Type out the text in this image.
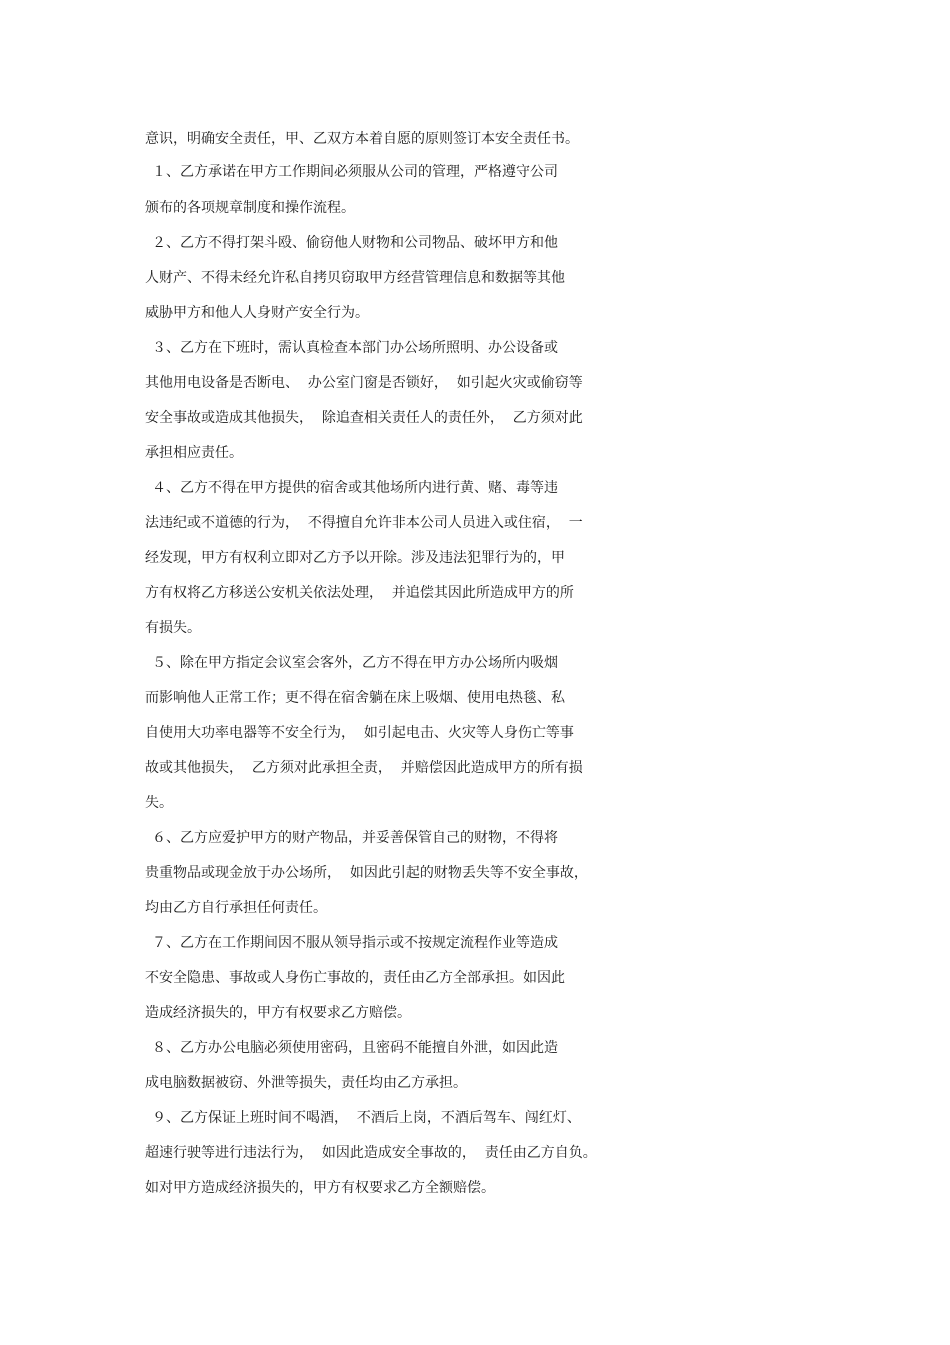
意识，明确安全责任，甲、乙双方本着自愿的原则签订本安全责任书。
１、乙方承诺在甲方工作期间必须服从公司的管理，严格遵守公司
颁布的各项规章制度和操作流程。
２、乙方不得打架斗殴、偷窃他人财物和公司物品、破坏甲方和他
人财产、不得未经允许私自拷贝窃取甲方经营管理信息和数据等其他
威胁甲方和他人人身财产安全行为。
３、乙方在下班时，需认真检查本部门办公场所照明、办公设备或
其他用电设备是否断电、  办公室门窗是否锁好，  如引起火灾或偷窃等
安全事故或造成其他损失，  除追查相关责任人的责任外，  乙方须对此
承担相应责任。
４、乙方不得在甲方提供的宿舍或其他场所内进行黄、赌、毒等违
法违纪或不道德的行为，  不得擅自允许非本公司人员进入或住宿，  一
经发现，甲方有权利立即对乙方予以开除。涉及违法犯罪行为的，甲
方有权将乙方移送公安机关依法处理，  并追偿其因此所造成甲方的所
有损失。
５、除在甲方指定会议室会客外，乙方不得在甲方办公场所内吸烟
而影响他人正常工作；更不得在宿舍躺在床上吸烟、使用电热毯、私
自使用大功率电器等不安全行为，  如引起电击、火灾等人身伤亡等事
故或其他损失，  乙方须对此承担全责，  并赔偿因此造成甲方的所有损
失。
６、乙方应爱护甲方的财产物品，并妥善保管自己的财物，不得将
贵重物品或现金放于办公场所，  如因此引起的财物丢失等不安全事故，
均由乙方自行承担任何责任。
７、乙方在工作期间因不服从领导指示或不按规定流程作业等造成
不安全隐患、事故或人身伤亡事故的，责任由乙方全部承担。如因此
造成经济损失的，甲方有权要求乙方赔偿。
８、乙方办公电脑必须使用密码，且密码不能擅自外泄，如因此造
成电脑数据被窃、外泄等损失，责任均由乙方承担。
９、乙方保证上班时间不喝酒，  不酒后上岗，不酒后驾车、闯红灯、
超速行驶等进行违法行为，  如因此造成安全事故的，  责任由乙方自负。
如对甲方造成经济损失的，甲方有权要求乙方全额赔偿。
